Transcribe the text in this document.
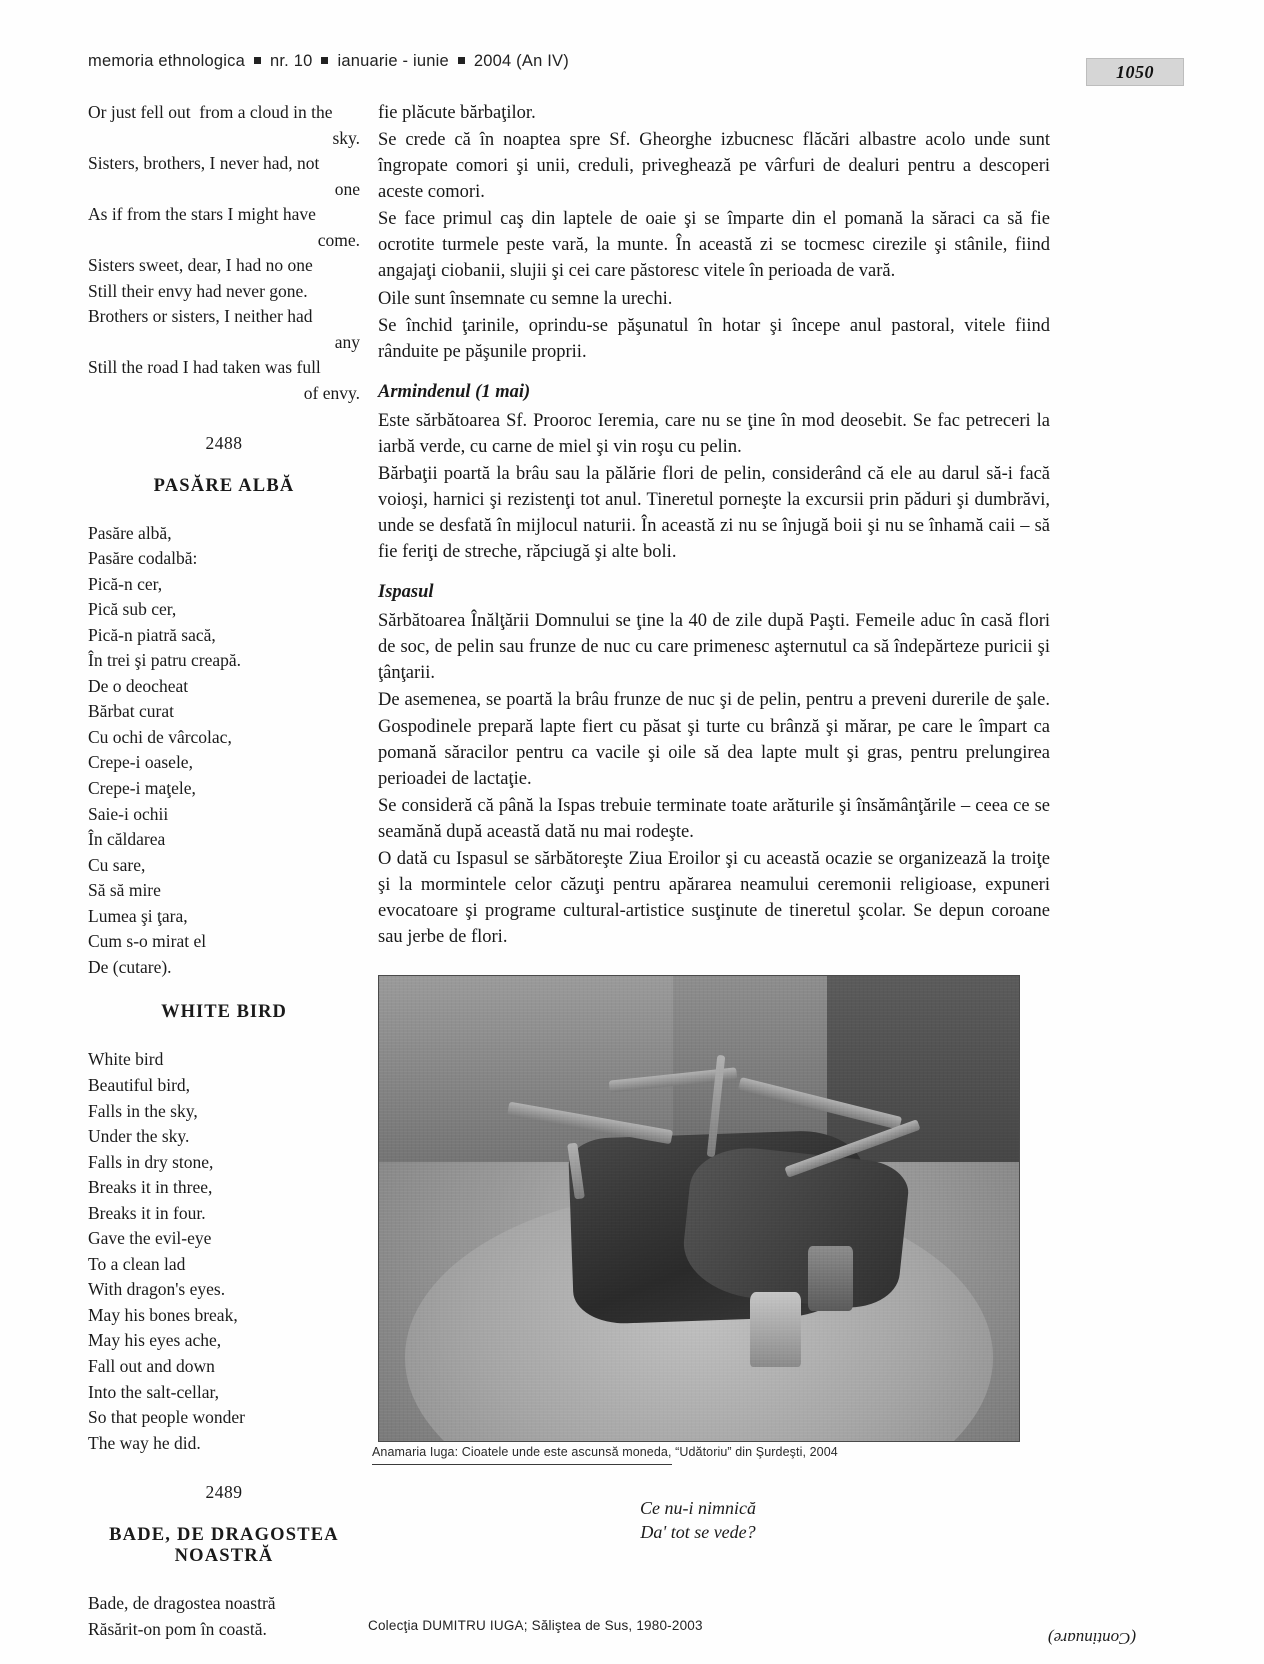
memoria ethnologica nr. 10 ianuarie - iunie 2004 (An IV)
1050
Or just fell out  from a cloud in the
sky.
Sisters, brothers, I never had, not
one
As if from the stars I might have
come.
Sisters sweet, dear, I had no one
Still their envy had never gone.
Brothers or sisters, I neither had
any
Still the road I had taken was full
of envy.
2488
PASĂRE ALBĂ
Pasăre albă,
Pasăre codalbă:
Pică-n cer,
Pică sub cer,
Pică-n piatră sacă,
În trei şi patru creapă.
De o deocheat
Bărbat curat
Cu ochi de vârcolac,
Crepe-i oasele,
Crepe-i maţele,
Saie-i ochii
În căldarea
Cu sare,
Să să mire
Lumea şi ţara,
Cum s-o mirat el
De (cutare).
WHITE BIRD
White bird
Beautiful bird,
Falls in the sky,
Under the sky.
Falls in dry stone,
Breaks it in three,
Breaks it in four.
Gave the evil-eye
To a clean lad
With dragon's eyes.
May his bones break,
May his eyes ache,
Fall out and down
Into the salt-cellar,
So that people wonder
The way he did.
2489
BADE, DE DRAGOSTEA
NOASTRĂ
Bade, de dragostea noastră
Răsărit-on pom în coastă.

fie plăcute bărbaţilor.

Se crede că în noaptea spre Sf. Gheorghe izbucnesc flăcări albastre acolo unde sunt îngropate comori şi unii, creduli, priveghează pe vârfuri de dealuri pentru a descoperi aceste comori.

Se face primul caş din laptele de oaie şi se împarte din el pomană la săraci ca să fie ocrotite turmele peste vară, la munte. În această zi se tocmesc cirezile şi stânile, fiind angajaţi ciobanii, slujii şi cei care păstoresc vitele în perioada de vară.

Oile sunt însemnate cu semne la urechi.

Se închid ţarinile, oprindu-se păşunatul în hotar şi începe anul pastoral, vitele fiind rânduite pe păşunile proprii.

Armindenul (1 mai)

Este sărbătoarea Sf. Prooroc Ieremia, care nu se ţine în mod deosebit. Se fac petreceri la iarbă verde, cu carne de miel şi vin roşu cu pelin.

Bărbaţii poartă la brâu sau la pălărie flori de pelin, considerând că ele au darul să-i facă voioşi, harnici şi rezistenţi tot anul. Tineretul porneşte la excursii prin păduri şi dumbrăvi, unde se desfată în mijlocul naturii. În această zi nu se înjugă boii şi nu se înhamă caii – să fie feriţi de streche, răpciugă şi alte boli.

Ispasul

Sărbătoarea Înălţării Domnului se ţine la 40 de zile după Paşti. Femeile aduc în casă flori de soc, de pelin sau frunze de nuc cu care primenesc aşternutul ca să îndepărteze puricii şi ţânţarii.

De asemenea, se poartă la brâu frunze de nuc şi de pelin, pentru a preveni durerile de şale. Gospodinele prepară lapte fiert cu păsat şi turte cu brânză şi mărar, pe care le împart ca pomană săracilor pentru ca vacile şi oile să dea lapte mult şi gras, pentru prelungirea perioadei de lactaţie.

Se consideră că până la Ispas trebuie terminate toate arăturile şi însămânţările – ceea ce se seamănă după această dată nu mai rodeşte.

O dată cu Ispasul se sărbătoreşte Ziua Eroilor şi cu această ocazie se organizează la troiţe şi la mormintele celor căzuţi pentru apărarea neamului ceremonii religioase, expuneri evocatoare şi programe cultural-artistice susţinute de tineretul şcolar. Se depun coroane sau jerbe de flori.

Anamaria Iuga: Cioatele unde este ascunsă moneda, “Udătoriu” din Şurdeşti, 2004
Ce nu-i nimnică
Da' tot se vede?
Colecţia DUMITRU IUGA; Sălişteа de Sus, 1980-2003
(Continuare)
